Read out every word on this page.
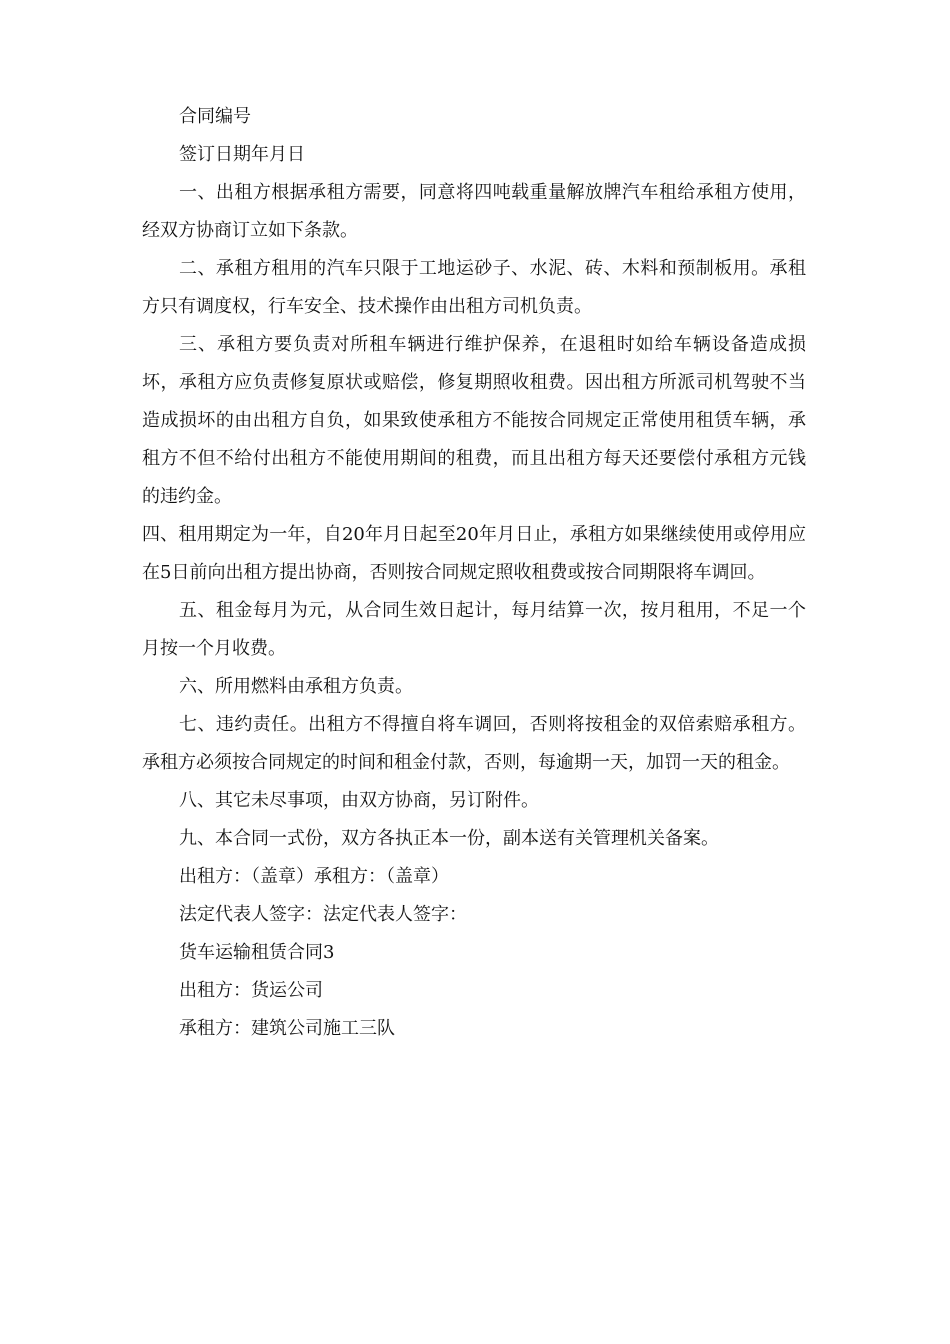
合同编号

签订日期年月日

一、出租方根据承租方需要，同意将四吨载重量解放牌汽车租给承租方使用，经双方协商订立如下条款。

二、承租方租用的汽车只限于工地运砂子、水泥、砖、木料和预制板用。承租方只有调度权，行车安全、技术操作由出租方司机负责。

三、承租方要负责对所租车辆进行维护保养，在退租时如给车辆设备造成损坏，承租方应负责修复原状或赔偿，修复期照收租费。因出租方所派司机驾驶不当造成损坏的由出租方自负，如果致使承租方不能按合同规定正常使用租赁车辆，承租方不但不给付出租方不能使用期间的租费，而且出租方每天还要偿付承租方元钱的违约金。

四、租用期定为一年，自20年月日起至20年月日止，承租方如果继续使用或停用应在5日前向出租方提出协商，否则按合同规定照收租费或按合同期限将车调回。

五、租金每月为元，从合同生效日起计，每月结算一次，按月租用，不足一个月按一个月收费。

六、所用燃料由承租方负责。

七、违约责任。出租方不得擅自将车调回，否则将按租金的双倍索赔承租方。承租方必须按合同规定的时间和租金付款，否则，每逾期一天，加罚一天的租金。

八、其它未尽事项，由双方协商，另订附件。

九、本合同一式份，双方各执正本一份，副本送有关管理机关备案。

出租方：（盖章）承租方：（盖章）

法定代表人签字：法定代表人签字：

货车运输租赁合同3

出租方：货运公司

承租方：建筑公司施工三队
